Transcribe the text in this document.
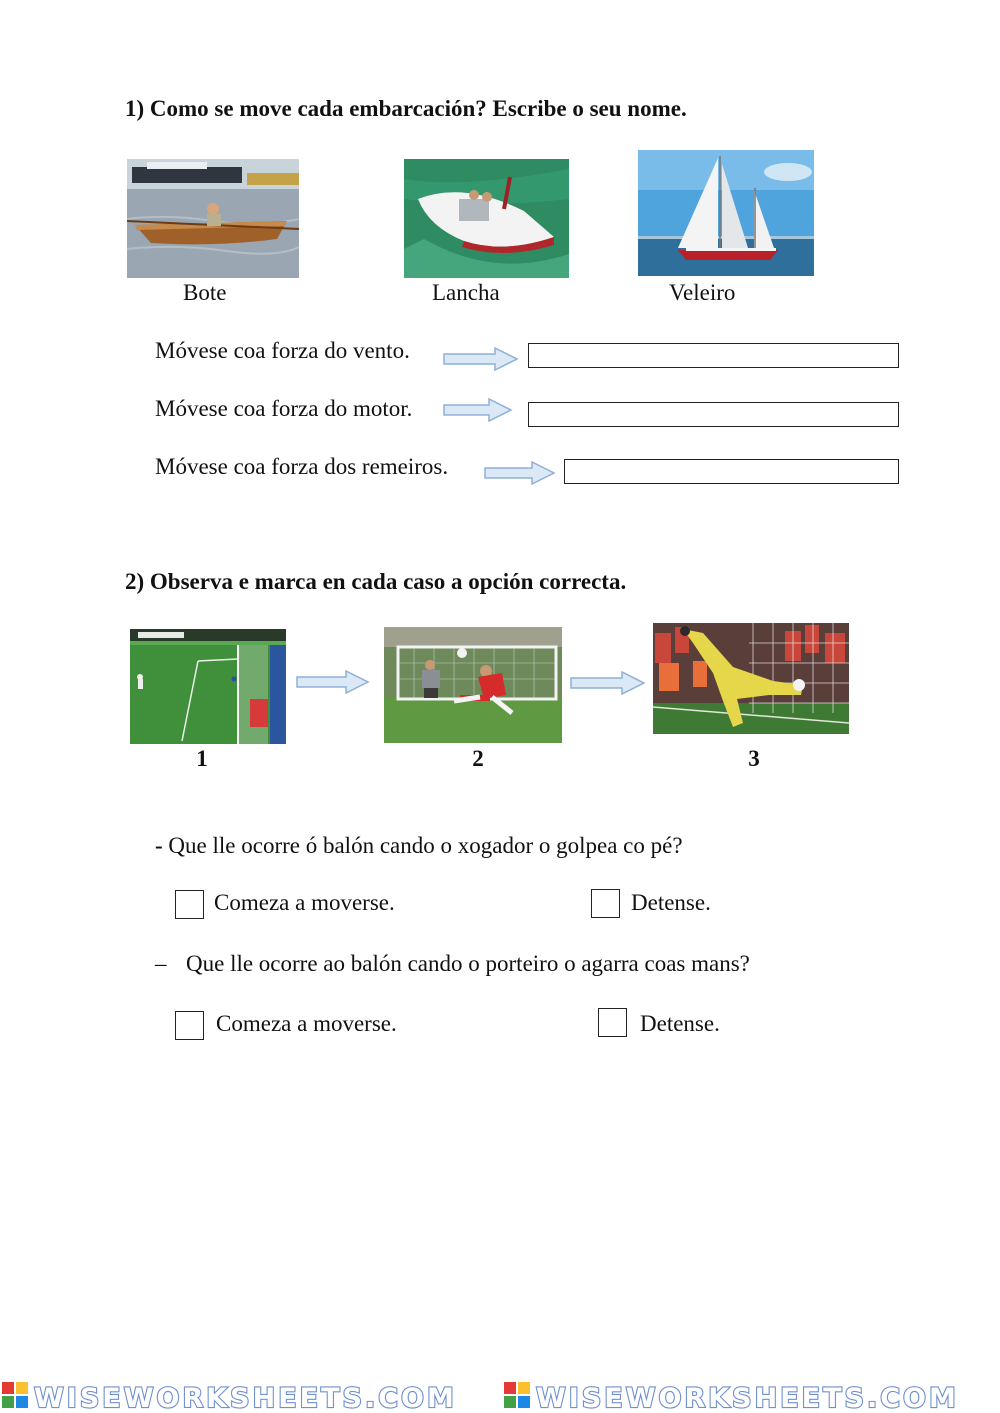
1) Como se move cada embarcación? Escribe o seu nome.
Bote	Lancha	Veleiro
Móvese coa forza do vento.
Móvese coa forza do motor.
Móvese coa forza dos remeiros.
2) Observa e marca en cada caso a opción correcta.
1	2	3
- Que lle ocorre ó balón cando o xogador o golpea co pé?
Comeza a moverse.	Detense.
– Que lle ocorre ao balón cando o porteiro o agarra coas mans?
Comeza a moverse.	Detense.
WISEWORKSHEETS.COM	WISEWORKSHEETS.COM
